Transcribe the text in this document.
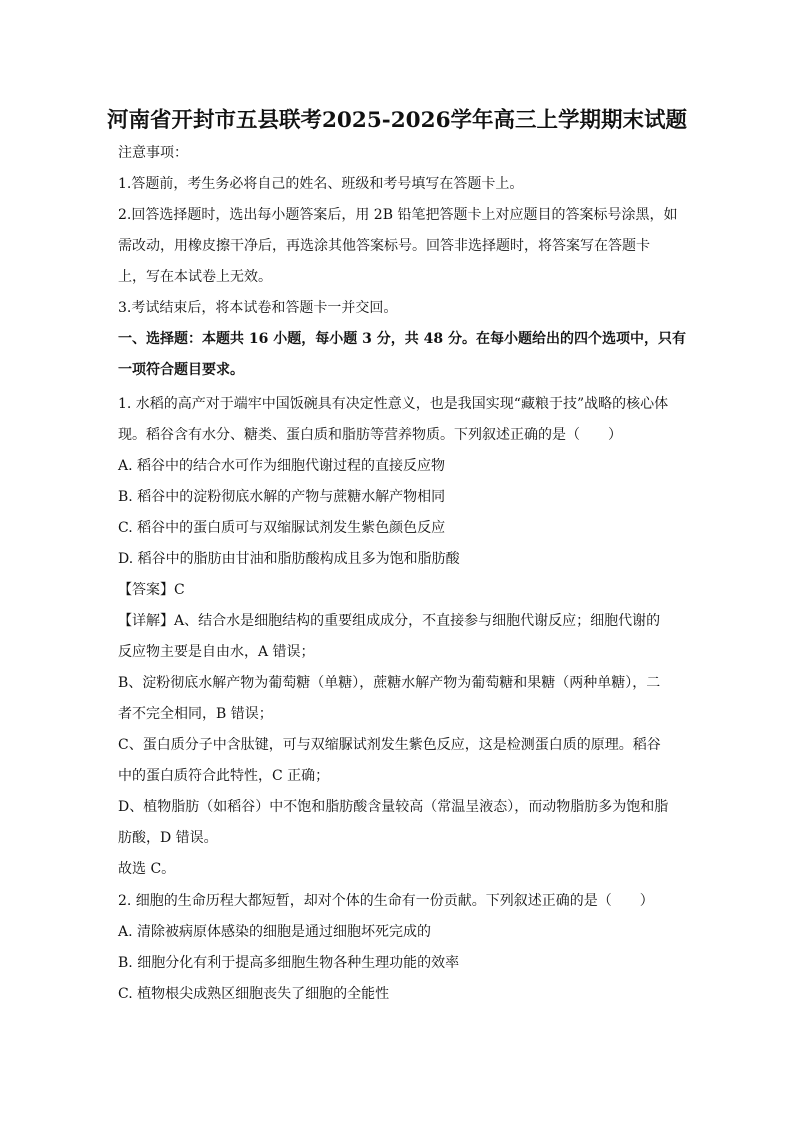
河南省开封市五县联考2025-2026学年高三上学期期末试题
注意事项：
1.答题前，考生务必将自己的姓名、班级和考号填写在答题卡上。
2.回答选择题时，选出每小题答案后，用 2B 铅笔把答题卡上对应题目的答案标号涂黑，如
需改动，用橡皮擦干净后，再选涂其他答案标号。回答非选择题时，将答案写在答题卡
上，写在本试卷上无效。
3.考试结束后，将本试卷和答题卡一并交回。
一、选择题：本题共 16 小题，每小题 3 分，共 48 分。在每小题给出的四个选项中，只有
一项符合题目要求。
1. 水稻的高产对于端牢中国饭碗具有决定性意义，也是我国实现“藏粮于技”战略的核心体
现。稻谷含有水分、糖类、蛋白质和脂肪等营养物质。下列叙述正确的是（　　）
A. 稻谷中的结合水可作为细胞代谢过程的直接反应物
B. 稻谷中的淀粉彻底水解的产物与蔗糖水解产物相同
C. 稻谷中的蛋白质可与双缩脲试剂发生紫色颜色反应
D. 稻谷中的脂肪由甘油和脂肪酸构成且多为饱和脂肪酸
【答案】C
【详解】A、结合水是细胞结构的重要组成成分，不直接参与细胞代谢反应；细胞代谢的
反应物主要是自由水，A 错误；
B、淀粉彻底水解产物为葡萄糖（单糖），蔗糖水解产物为葡萄糖和果糖（两种单糖），二
者不完全相同，B 错误；
C、蛋白质分子中含肽键，可与双缩脲试剂发生紫色反应，这是检测蛋白质的原理。稻谷
中的蛋白质符合此特性，C 正确；
D、植物脂肪（如稻谷）中不饱和脂肪酸含量较高（常温呈液态），而动物脂肪多为饱和脂
肪酸，D 错误。
故选 C。
2. 细胞的生命历程大都短暂，却对个体的生命有一份贡献。下列叙述正确的是（　　）
A. 清除被病原体感染的细胞是通过细胞坏死完成的
B. 细胞分化有利于提高多细胞生物各种生理功能的效率
C. 植物根尖成熟区细胞丧失了细胞的全能性
